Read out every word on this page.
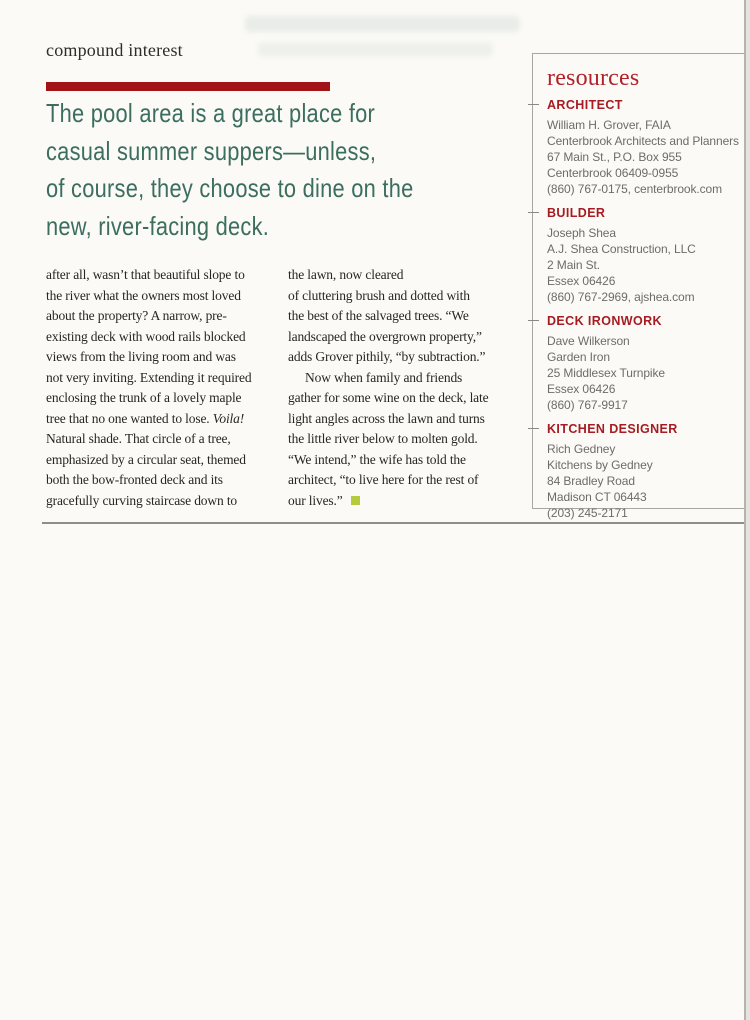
compound interest
The pool area is a great place for
casual summer suppers—unless,
of course, they choose to dine on the
new, river-facing deck.
after all, wasn’t that beautiful slope to
the river what the owners most loved
about the property? A narrow, pre-
existing deck with wood rails blocked
views from the living room and was
not very inviting. Extending it required
enclosing the trunk of a lovely maple
tree that no one wanted to lose. Voila!
Natural shade. That circle of a tree,
emphasized by a circular seat, themed
both the bow-fronted deck and its
gracefully curving staircase down to
the lawn, now cleared
of cluttering brush and dotted with
the best of the salvaged trees. “We
landscaped the overgrown property,”
adds Grover pithily, “by subtraction.”
Now when family and friends
gather for some wine on the deck, late
light angles across the lawn and turns
the little river below to molten gold.
“We intend,” the wife has told the
architect, “to live here for the rest of
our lives.”
resources
ARCHITECT
William H. Grover, FAIA
Centerbrook Architects and Planners
67 Main St., P.O. Box 955
Centerbrook 06409-0955
(860) 767-0175, centerbrook.com
BUILDER
Joseph Shea
A.J. Shea Construction, LLC
2 Main St.
Essex 06426
(860) 767-2969, ajshea.com
DECK IRONWORK
Dave Wilkerson
Garden Iron
25 Middlesex Turnpike
Essex 06426
(860) 767-9917
KITCHEN DESIGNER
Rich Gedney
Kitchens by Gedney
84 Bradley Road
Madison CT 06443
(203) 245-2171
